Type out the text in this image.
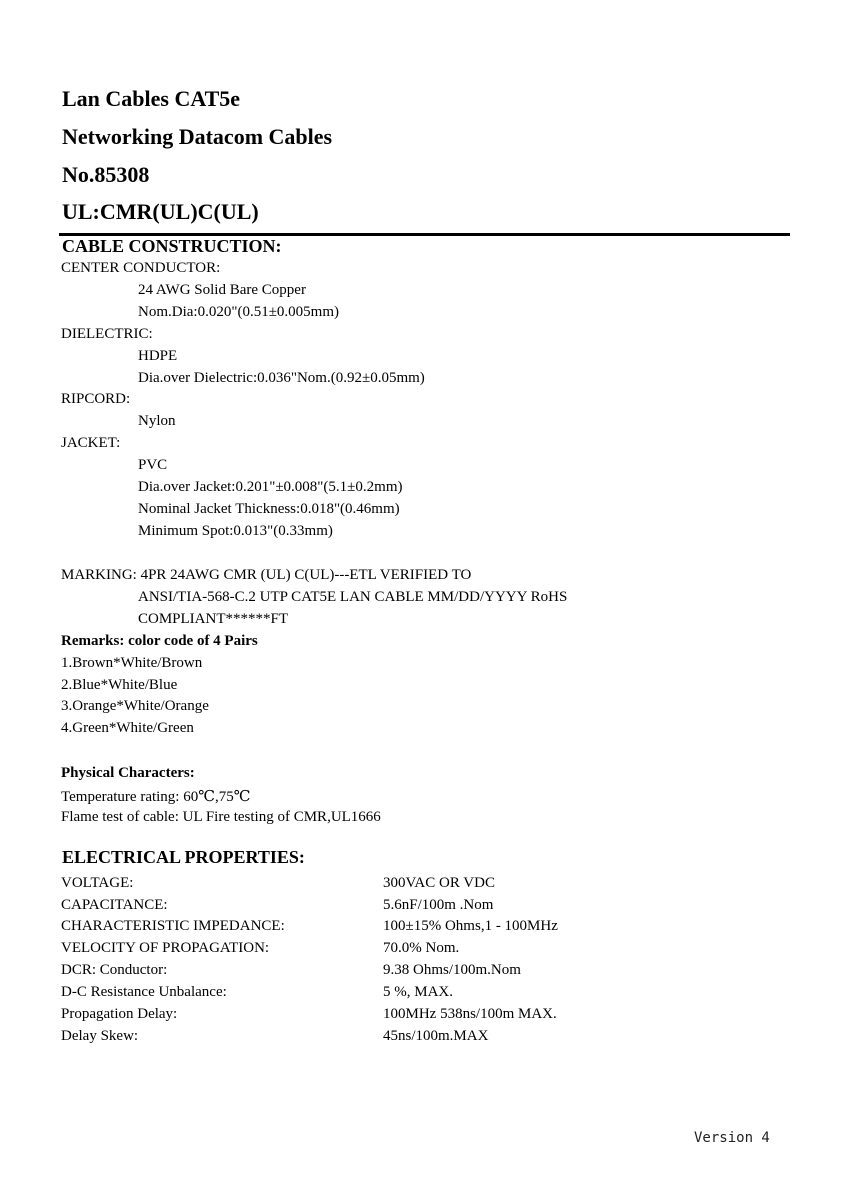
Lan Cables CAT5e
Networking Datacom Cables
No.85308
UL:CMR(UL)C(UL)
CABLE CONSTRUCTION:
CENTER CONDUCTOR:
24 AWG Solid Bare Copper
Nom.Dia:0.020"(0.51±0.005mm)
DIELECTRIC:
HDPE
Dia.over Dielectric:0.036"Nom.(0.92±0.05mm)
RIPCORD:
Nylon
JACKET:
PVC
Dia.over Jacket:0.201"±0.008"(5.1±0.2mm)
Nominal Jacket Thickness:0.018"(0.46mm)
Minimum Spot:0.013"(0.33mm)
MARKING: 4PR 24AWG CMR (UL) C(UL)---ETL VERIFIED TO
ANSI/TIA-568-C.2 UTP CAT5E LAN CABLE MM/DD/YYYY RoHS
COMPLIANT******FT
Remarks: color code of 4 Pairs
1.Brown*White/Brown
2.Blue*White/Blue
3.Orange*White/Orange
4.Green*White/Green
Physical Characters:
Temperature rating: 60℃,75℃
Flame test of cable: UL Fire testing of CMR,UL1666
ELECTRICAL PROPERTIES:
VOLTAGE:	300VAC OR VDC
CAPACITANCE:	5.6nF/100m .Nom
CHARACTERISTIC IMPEDANCE:	100±15% Ohms,1 - 100MHz
VELOCITY OF PROPAGATION:	70.0% Nom.
DCR: Conductor:	9.38 Ohms/100m.Nom
D-C Resistance Unbalance:	5 %, MAX.
Propagation Delay:	100MHz 538ns/100m MAX.
Delay Skew:	45ns/100m.MAX
Version 4
